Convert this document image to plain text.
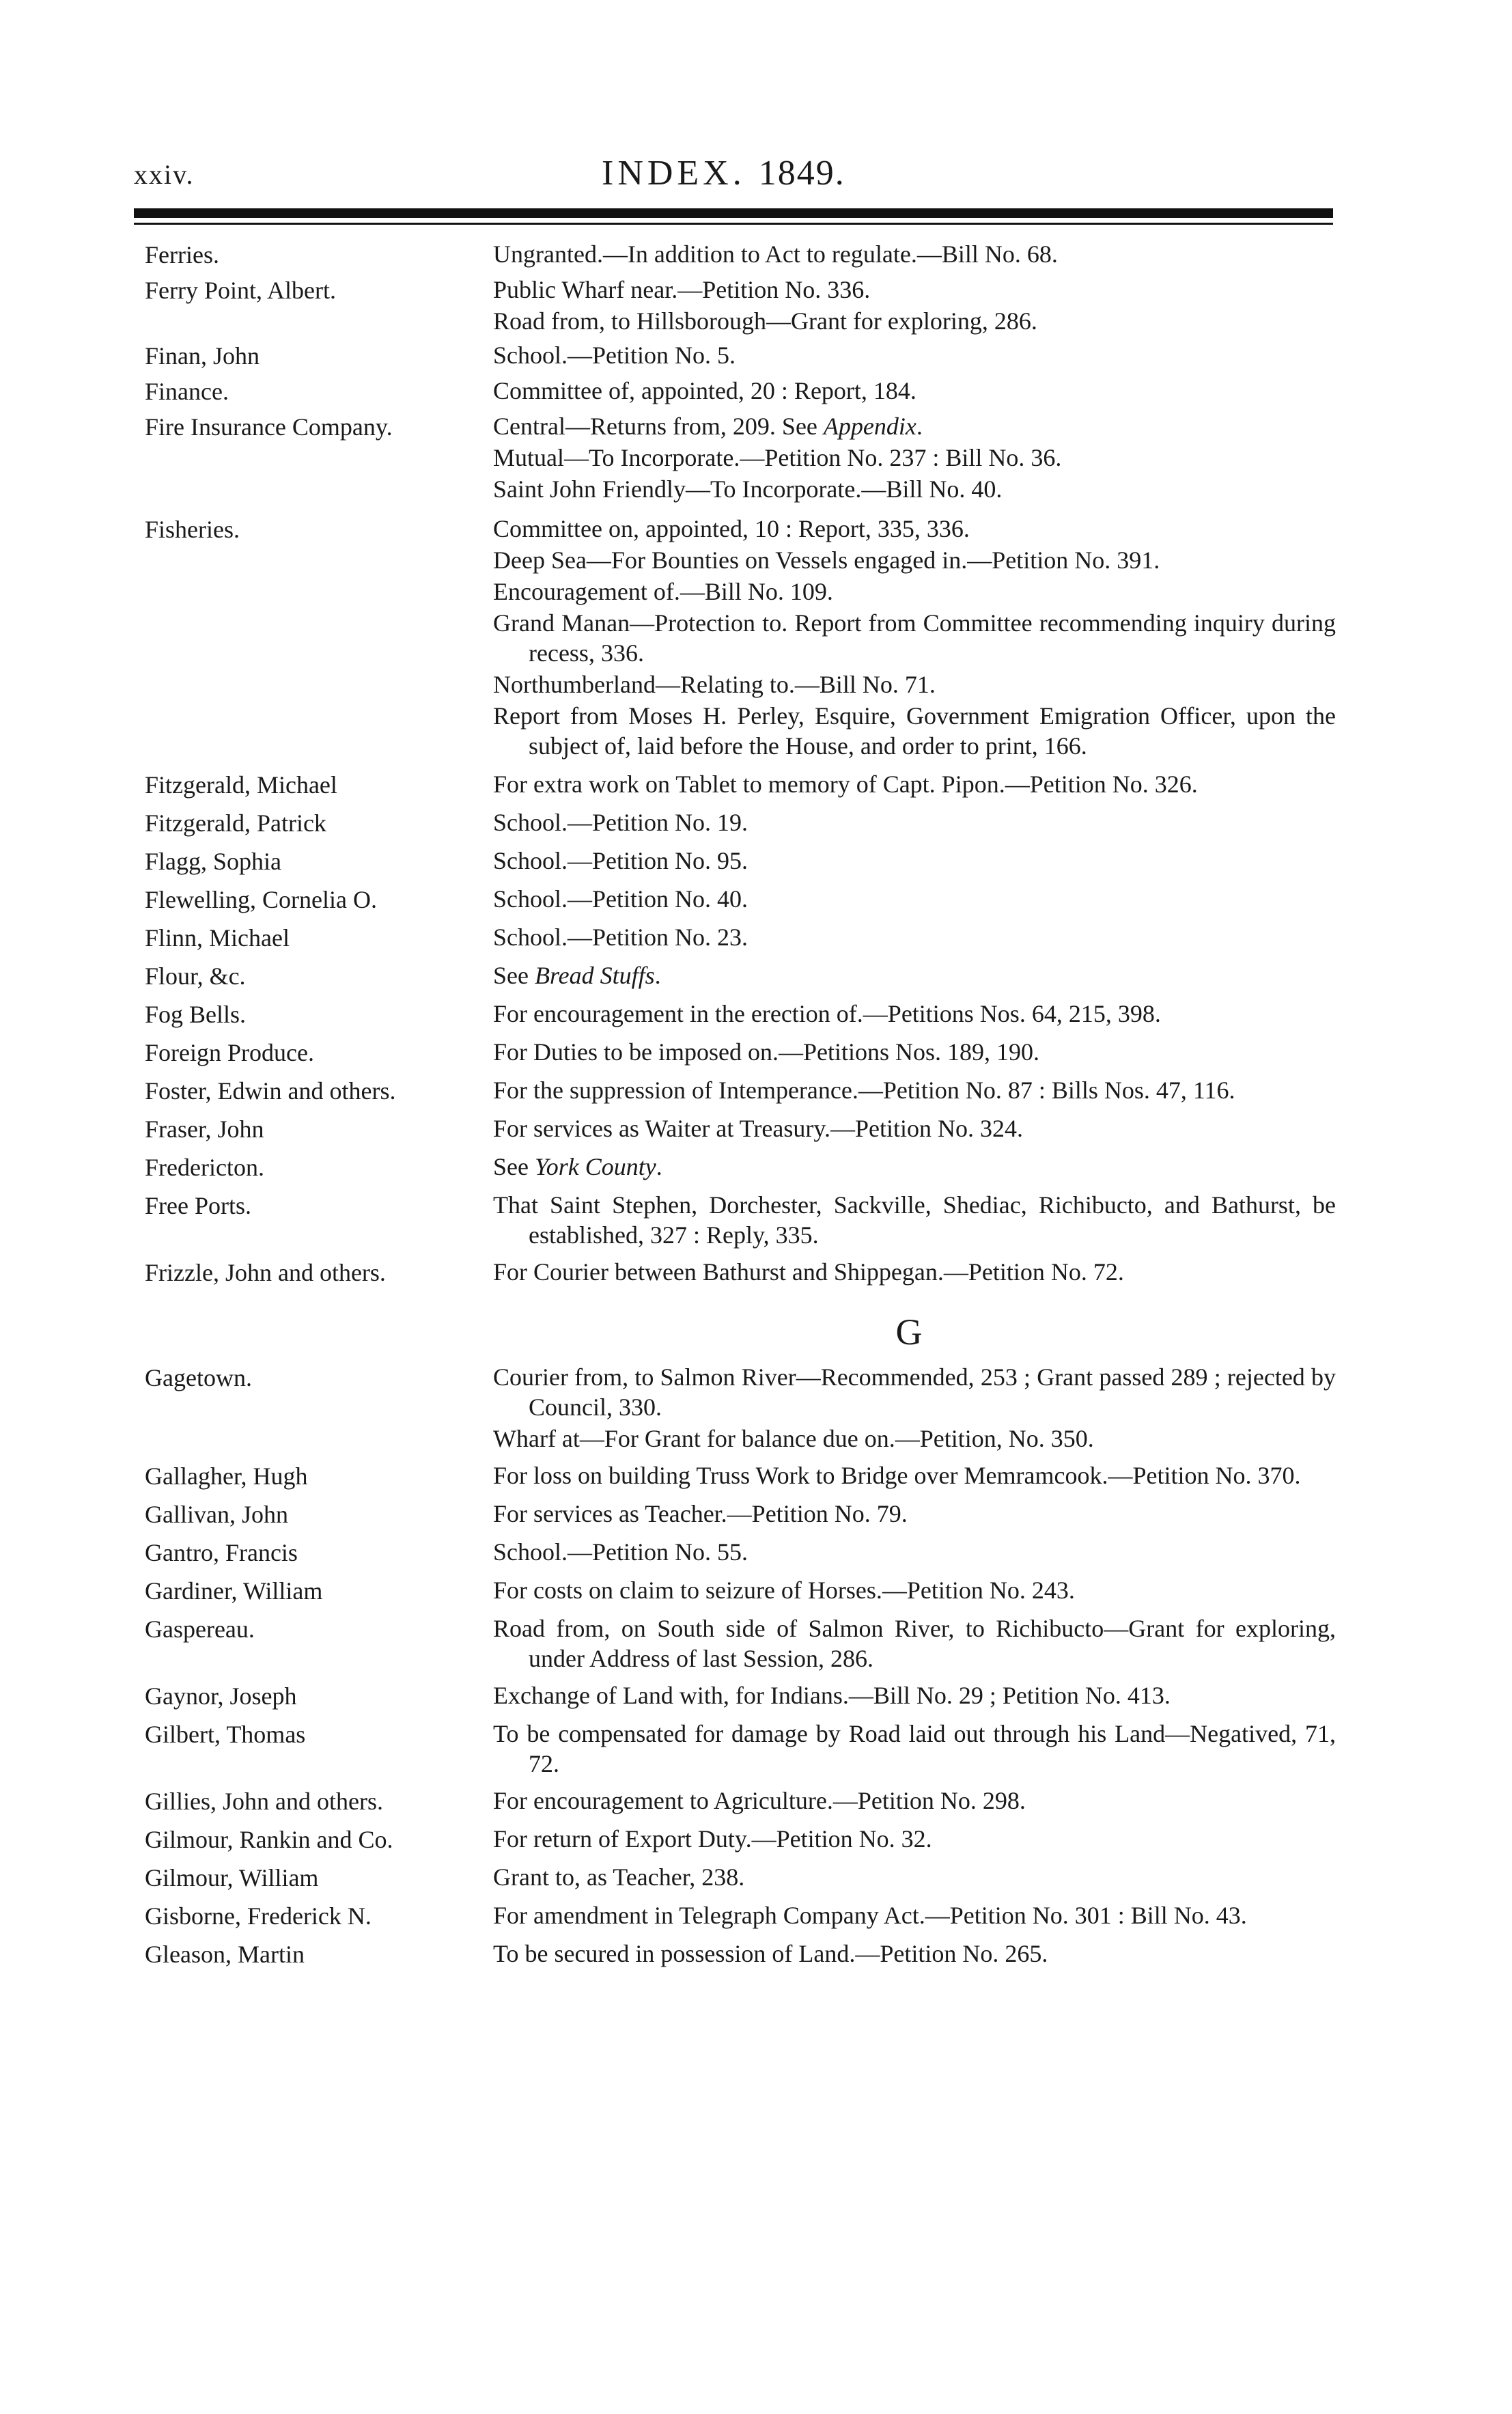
xxiv.	INDEX. 1849.
Ferries.	Ungranted.—In addition to Act to regulate.—Bill No. 68.
Ferry Point, Albert.	Public Wharf near.—Petition No. 336.
Road from, to Hillsborough—Grant for exploring, 286.
Finan, John	School.—Petition No. 5.
Finance.	Committee of, appointed, 20 : Report, 184.
Fire Insurance Company.	Central—Returns from, 209. See Appendix.
Mutual—To Incorporate.—Petition No. 237 : Bill No. 36.
Saint John Friendly—To Incorporate.—Bill No. 40.
Fisheries.	Committee on, appointed, 10 : Report, 335, 336.
Deep Sea—For Bounties on Vessels engaged in.—Petition No. 391.
Encouragement of.—Bill No. 109.
Grand Manan—Protection to. Report from Committee recommending inquiry during recess, 336.
Northumberland—Relating to.—Bill No. 71.
Report from Moses H. Perley, Esquire, Government Emigration Officer, upon the subject of, laid before the House, and order to print, 166.
Fitzgerald, Michael	For extra work on Tablet to memory of Capt. Pipon.—Petition No. 326.
Fitzgerald, Patrick	School.—Petition No. 19.
Flagg, Sophia	School.—Petition No. 95.
Flewelling, Cornelia O.	School.—Petition No. 40.
Flinn, Michael	School.—Petition No. 23.
Flour, &c.	See Bread Stuffs.
Fog Bells.	For encouragement in the erection of.—Petitions Nos. 64, 215, 398.
Foreign Produce.	For Duties to be imposed on.—Petitions Nos. 189, 190.
Foster, Edwin and others.	For the suppression of Intemperance.—Petition No. 87 : Bills Nos. 47, 116.
Fraser, John	For services as Waiter at Treasury.—Petition No. 324.
Fredericton.	See York County.
Free Ports.	That Saint Stephen, Dorchester, Sackville, Shediac, Richibucto, and Bathurst, be established, 327 : Reply, 335.
Frizzle, John and others.	For Courier between Bathurst and Shippegan.—Petition No. 72.
G
Gagetown.	Courier from, to Salmon River—Recommended, 253 ; Grant passed 289 ; rejected by Council, 330.
Wharf at—For Grant for balance due on.—Petition, No. 350.
Gallagher, Hugh	For loss on building Truss Work to Bridge over Memramcook.—Petition No. 370.
Gallivan, John	For services as Teacher.—Petition No. 79.
Gantro, Francis	School.—Petition No. 55.
Gardiner, William	For costs on claim to seizure of Horses.—Petition No. 243.
Gaspereau.	Road from, on South side of Salmon River, to Richibucto—Grant for exploring, under Address of last Session, 286.
Gaynor, Joseph	Exchange of Land with, for Indians.—Bill No. 29 ; Petition No. 413.
Gilbert, Thomas	To be compensated for damage by Road laid out through his Land—Negatived, 71, 72.
Gillies, John and others.	For encouragement to Agriculture.—Petition No. 298.
Gilmour, Rankin and Co.	For return of Export Duty.—Petition No. 32.
Gilmour, William	Grant to, as Teacher, 238.
Gisborne, Frederick N.	For amendment in Telegraph Company Act.—Petition No. 301 : Bill No. 43.
Gleason, Martin	To be secured in possession of Land.—Petition No. 265.
